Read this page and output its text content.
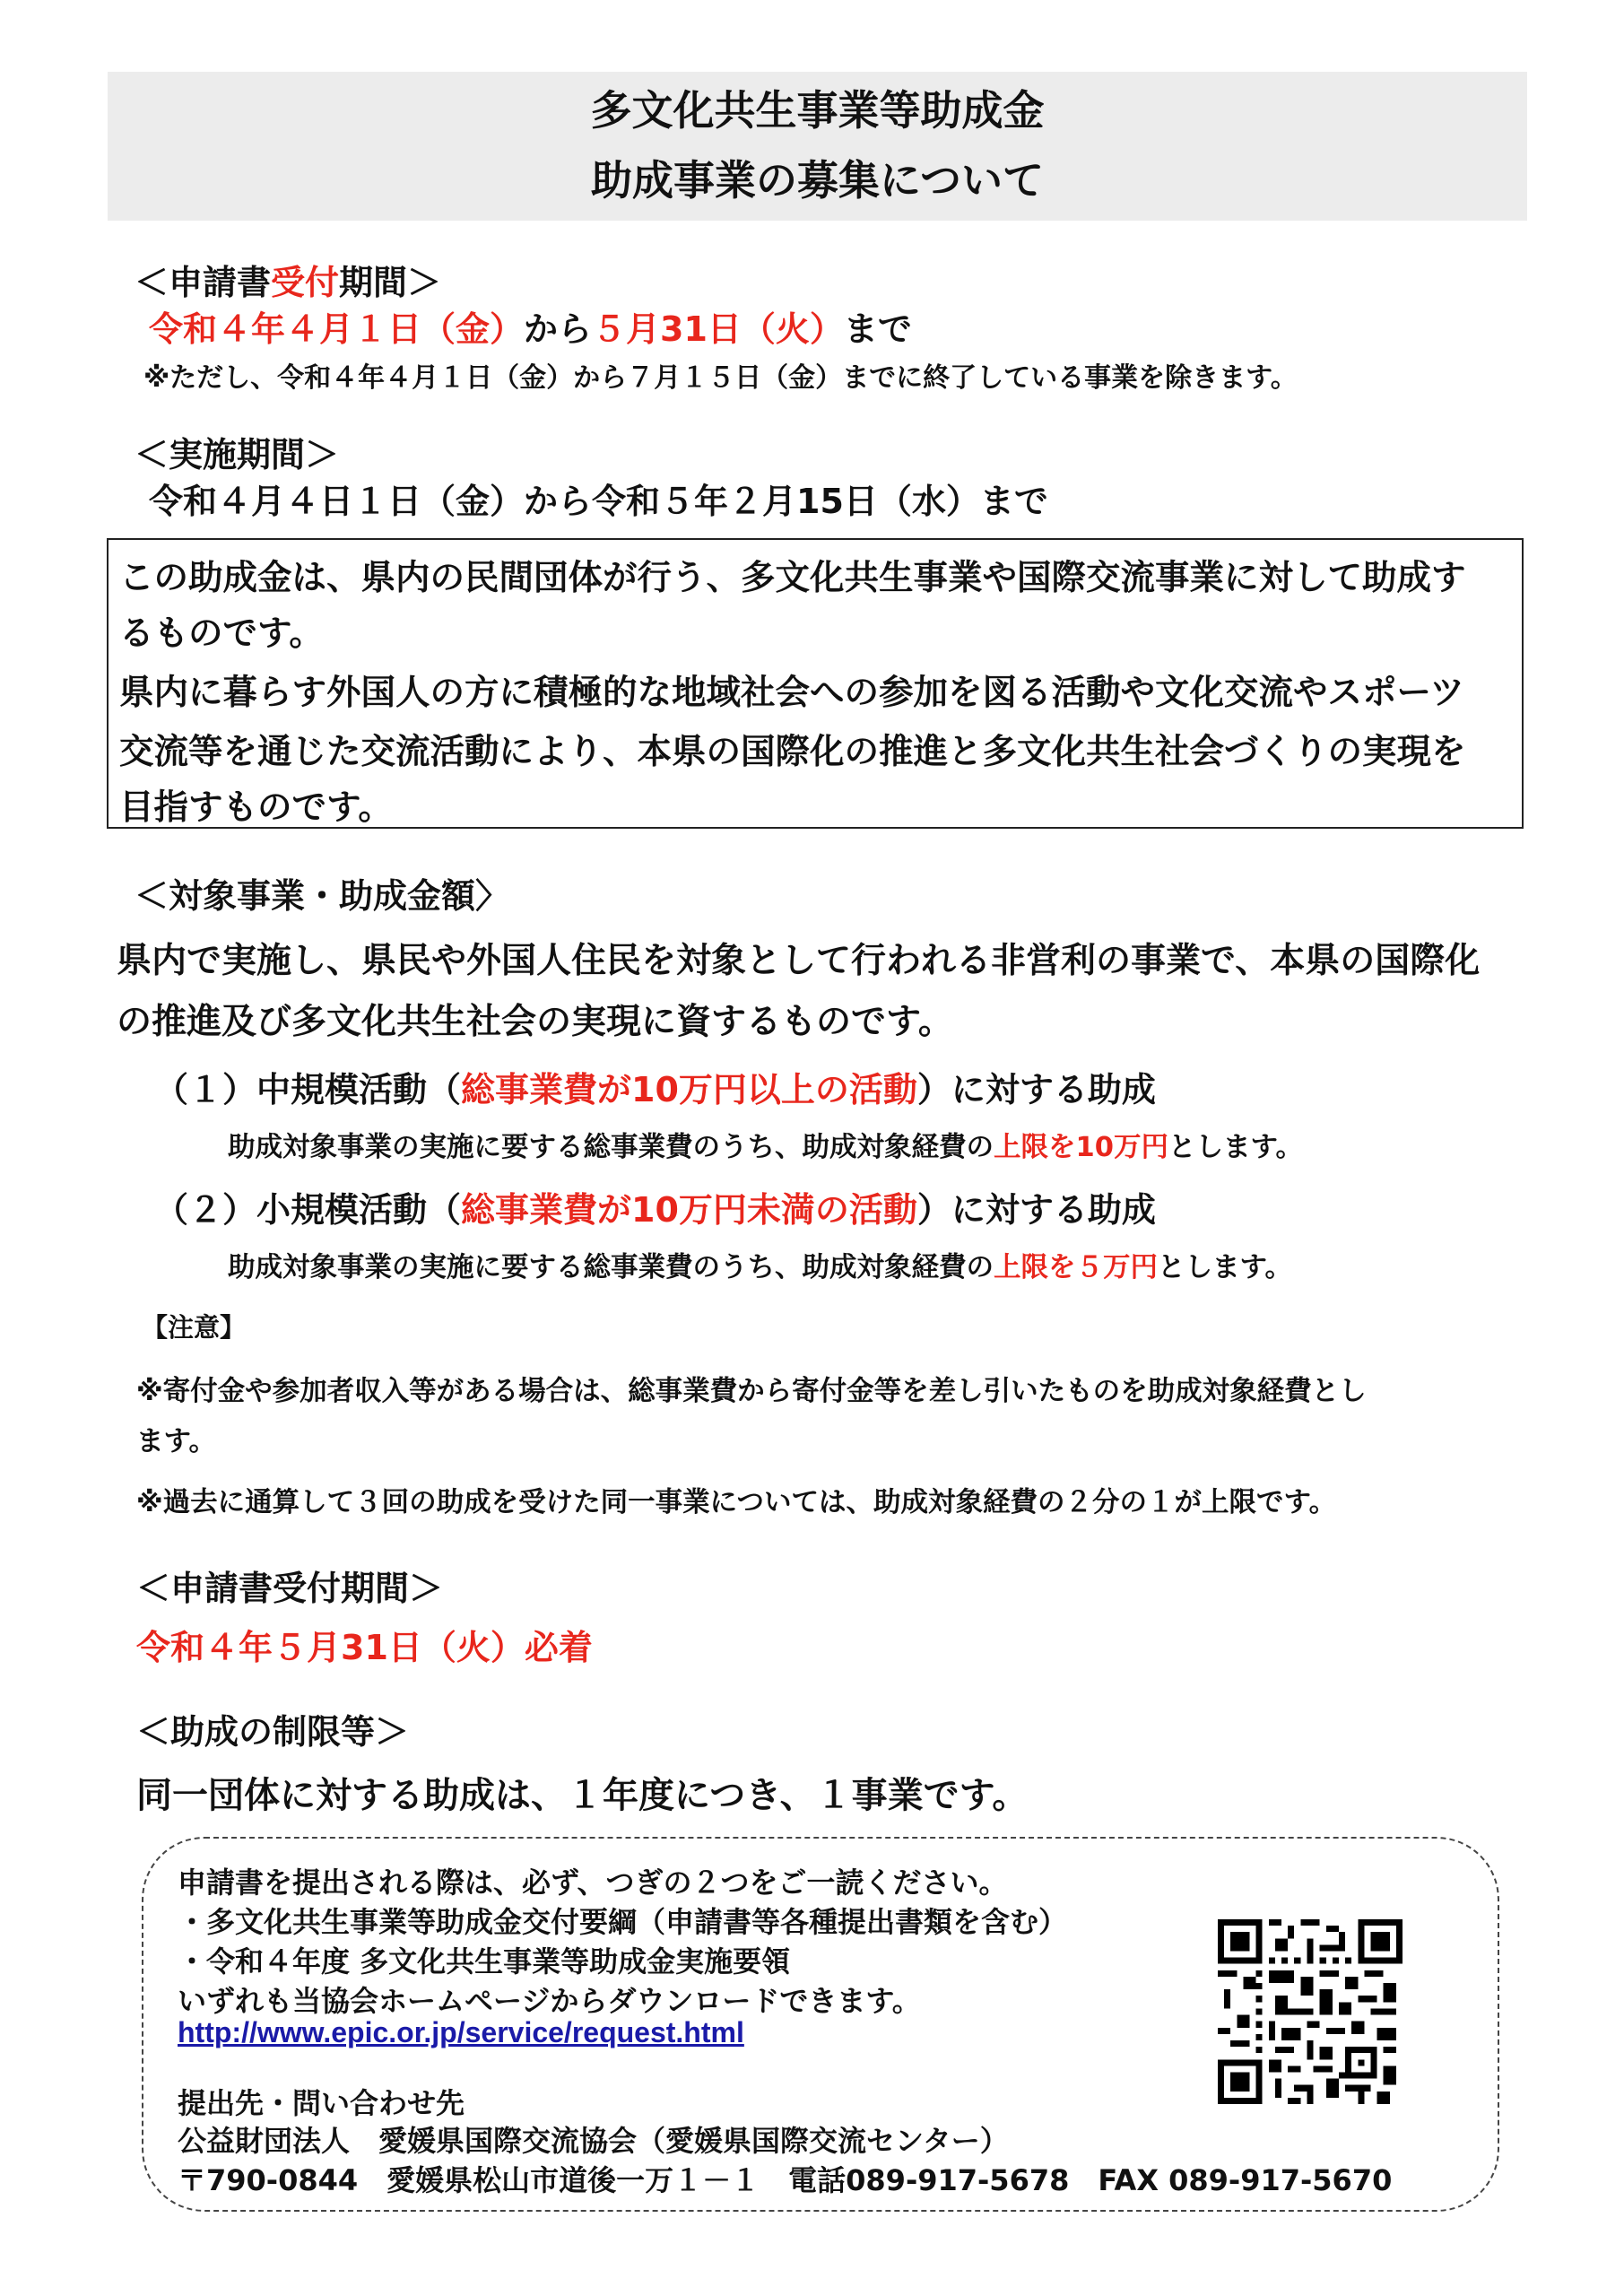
多文化共生事業等助成金
助成事業の募集について
＜申請書受付期間＞
令和４年４月１日（金）から５月31日（火）まで
※ただし、令和４年４月１日（金）から７月１５日（金）までに終了している事業を除きます。
＜実施期間＞
令和４月４日１日（金）から令和５年２月15日（水）まで
この助成金は、県内の民間団体が行う、多文化共生事業や国際交流事業に対して助成す
るものです。
県内に暮らす外国人の方に積極的な地域社会への参加を図る活動や文化交流やスポーツ
交流等を通じた交流活動により、本県の国際化の推進と多文化共生社会づくりの実現を
目指すものです。
＜対象事業・助成金額〉
県内で実施し、県民や外国人住民を対象として行われる非営利の事業で、本県の国際化
の推進及び多文化共生社会の実現に資するものです。
（１）中規模活動（総事業費が10万円以上の活動）に対する助成
助成対象事業の実施に要する総事業費のうち、助成対象経費の上限を10万円とします。
（２）小規模活動（総事業費が10万円未満の活動）に対する助成
助成対象事業の実施に要する総事業費のうち、助成対象経費の上限を５万円とします。
【注意】
※寄付金や参加者収入等がある場合は、総事業費から寄付金等を差し引いたものを助成対象経費とし
ます。
※過去に通算して３回の助成を受けた同一事業については、助成対象経費の２分の１が上限です。
＜申請書受付期間＞
令和４年５月31日（火）必着
＜助成の制限等＞
同一団体に対する助成は、１年度につき、１事業です。
申請書を提出される際は、必ず、つぎの２つをご一読ください。
・多文化共生事業等助成金交付要綱（申請書等各種提出書類を含む）
・令和４年度 多文化共生事業等助成金実施要領
いずれも当協会ホームページからダウンロードできます。
http://www.epic.or.jp/service/request.html
提出先・問い合わせ先
公益財団法人　愛媛県国際交流協会（愛媛県国際交流センター）
〒790-0844　愛媛県松山市道後一万１－１　電話089-917-5678　FAX 089-917-5670
